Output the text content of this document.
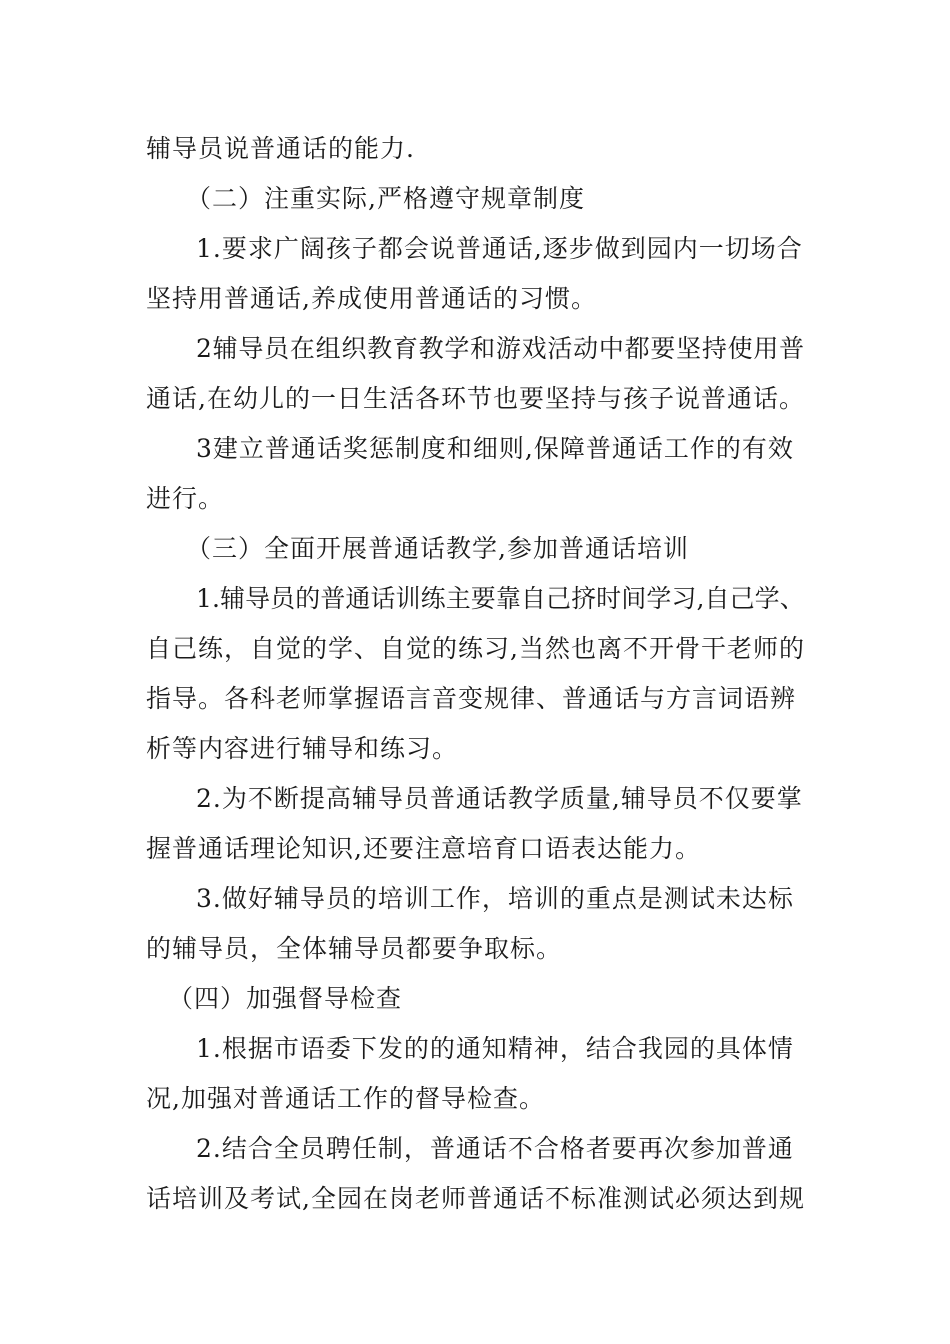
辅导员说普通话的能力.
（二）注重实际,严格遵守规章制度
1.要求广阔孩子都会说普通话,逐步做到园内一切场合
坚持用普通话,养成使用普通话的习惯。
2辅导员在组织教育教学和游戏活动中都要坚持使用普
通话,在幼儿的一日生活各环节也要坚持与孩子说普通话。
3建立普通话奖惩制度和细则,保障普通话工作的有效
进行。
（三）全面开展普通话教学,参加普通话培训
1.辅导员的普通话训练主要靠自己挤时间学习,自己学、
自己练，自觉的学、自觉的练习,当然也离不开骨干老师的
指导。各科老师掌握语言音变规律、普通话与方言词语辨
析等内容进行辅导和练习。
2.为不断提高辅导员普通话教学质量,辅导员不仅要掌
握普通话理论知识,还要注意培育口语表达能力。
3.做好辅导员的培训工作，培训的重点是测试未达标
的辅导员，全体辅导员都要争取标。
（四）加强督导检查
1.根据市语委下发的的通知精神，结合我园的具体情
况,加强对普通话工作的督导检查。
2.结合全员聘任制，普通话不合格者要再次参加普通
话培训及考试,全园在岗老师普通话不标准测试必须达到规
